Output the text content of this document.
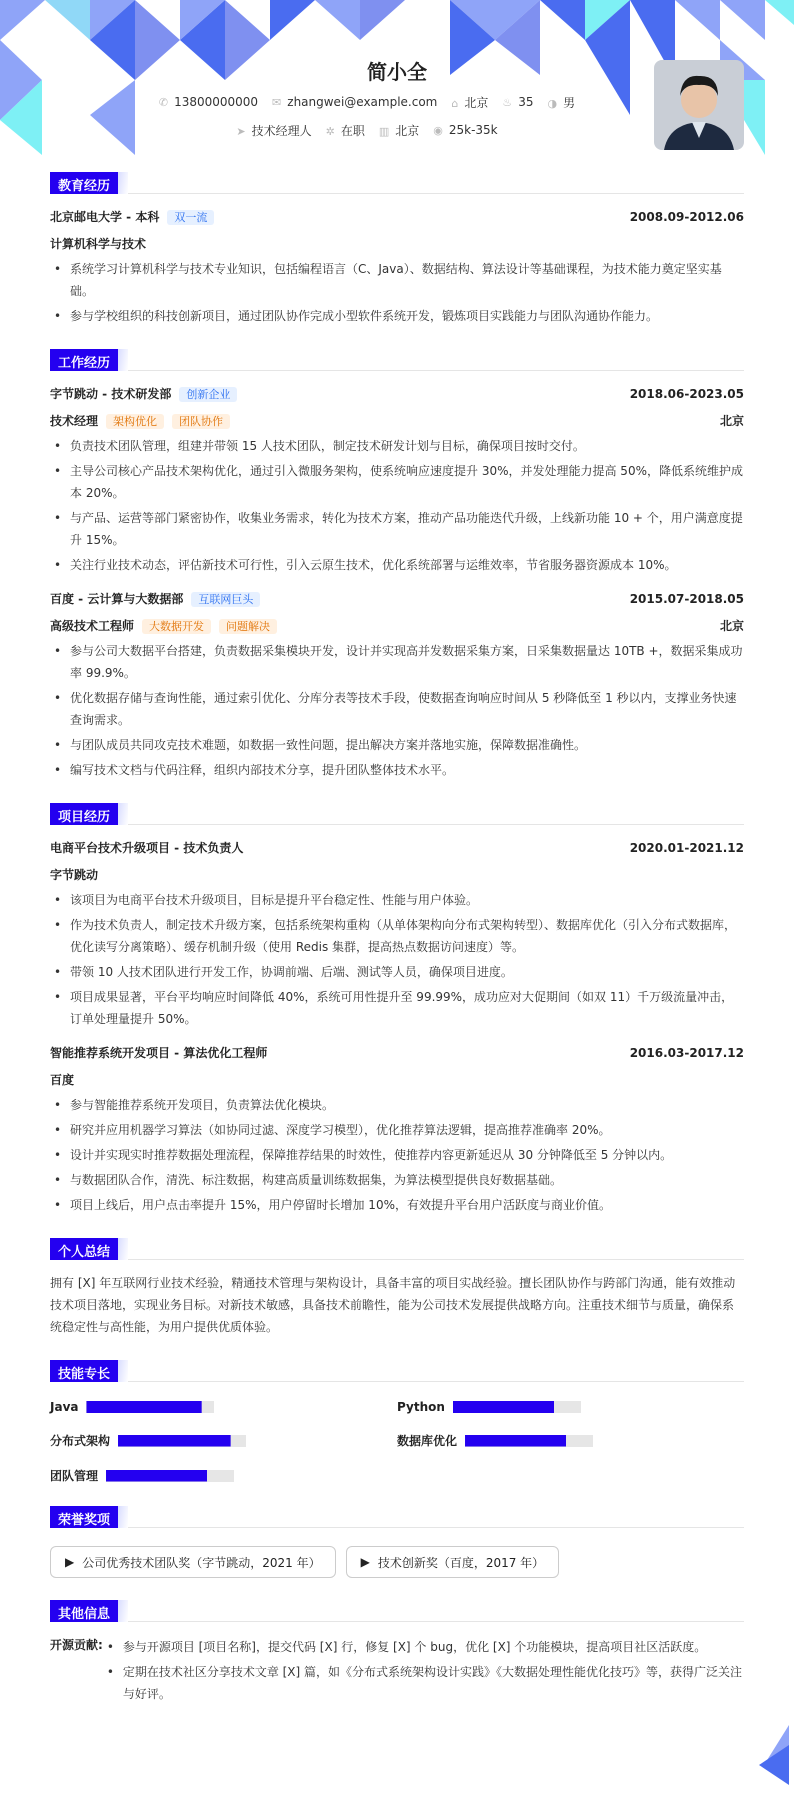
简小全
✆ 13800000000 ✉ zhangwei@example.com ⌂ 北京 ♨ 35 ◑ 男
➤ 技术经理人 ✲ 在职 ▥ 北京 ◉ 25k-35k
教育经历
北京邮电大学 - 本科 双一流	2008.09-2012.06
计算机科学与技术
• 系统学习计算机科学与技术专业知识，包括编程语言（C、Java）、数据结构、算法设计等基础课程，为技术能力奠定坚实基础。
• 参与学校组织的科技创新项目，通过团队协作完成小型软件系统开发，锻炼项目实践能力与团队沟通协作能力。
工作经历
字节跳动 - 技术研发部 创新企业	2018.06-2023.05
技术经理 架构优化 团队协作	北京
• 负责技术团队管理，组建并带领 15 人技术团队，制定技术研发计划与目标，确保项目按时交付。
• 主导公司核心产品技术架构优化，通过引入微服务架构，使系统响应速度提升 30%，并发处理能力提高 50%，降低系统维护成本 20%。
• 与产品、运营等部门紧密协作，收集业务需求，转化为技术方案，推动产品功能迭代升级，上线新功能 10 + 个，用户满意度提升 15%。
• 关注行业技术动态，评估新技术可行性，引入云原生技术，优化系统部署与运维效率，节省服务器资源成本 10%。
百度 - 云计算与大数据部 互联网巨头	2015.07-2018.05
高级技术工程师 大数据开发 问题解决	北京
• 参与公司大数据平台搭建，负责数据采集模块开发，设计并实现高并发数据采集方案，日采集数据量达 10TB +，数据采集成功率 99.9%。
• 优化数据存储与查询性能，通过索引优化、分库分表等技术手段，使数据查询响应时间从 5 秒降低至 1 秒以内，支撑业务快速查询需求。
• 与团队成员共同攻克技术难题，如数据一致性问题，提出解决方案并落地实施，保障数据准确性。
• 编写技术文档与代码注释，组织内部技术分享，提升团队整体技术水平。
项目经历
电商平台技术升级项目 - 技术负责人	2020.01-2021.12
字节跳动
• 该项目为电商平台技术升级项目，目标是提升平台稳定性、性能与用户体验。
• 作为技术负责人，制定技术升级方案，包括系统架构重构（从单体架构向分布式架构转型）、数据库优化（引入分布式数据库，优化读写分离策略）、缓存机制升级（使用 Redis 集群，提高热点数据访问速度）等。
• 带领 10 人技术团队进行开发工作，协调前端、后端、测试等人员，确保项目进度。
• 项目成果显著，平台平均响应时间降低 40%，系统可用性提升至 99.99%，成功应对大促期间（如双 11）千万级流量冲击，订单处理量提升 50%。
智能推荐系统开发项目 - 算法优化工程师	2016.03-2017.12
百度
• 参与智能推荐系统开发项目，负责算法优化模块。
• 研究并应用机器学习算法（如协同过滤、深度学习模型），优化推荐算法逻辑，提高推荐准确率 20%。
• 设计并实现实时推荐数据处理流程，保障推荐结果的时效性，使推荐内容更新延迟从 30 分钟降低至 5 分钟以内。
• 与数据团队合作，清洗、标注数据，构建高质量训练数据集，为算法模型提供良好数据基础。
• 项目上线后，用户点击率提升 15%，用户停留时长增加 10%，有效提升平台用户活跃度与商业价值。
个人总结
拥有 [X] 年互联网行业技术经验，精通技术管理与架构设计，具备丰富的项目实战经验。擅长团队协作与跨部门沟通，能有效推动技术项目落地，实现业务目标。对新技术敏感，具备技术前瞻性，能为公司技术发展提供战略方向。注重技术细节与质量，确保系统稳定性与高性能，为用户提供优质体验。
技能专长
Java	Python
分布式架构	数据库优化
团队管理
荣誉奖项
▶ 公司优秀技术团队奖（字节跳动，2021 年）	▶ 技术创新奖（百度，2017 年）
其他信息
开源贡献:	• 参与开源项目 [项目名称]，提交代码 [X] 行，修复 [X] 个 bug，优化 [X] 个功能模块，提高项目社区活跃度。
• 定期在技术社区分享技术文章 [X] 篇，如《分布式系统架构设计实践》《大数据处理性能优化技巧》等，获得广泛关注与好评。
